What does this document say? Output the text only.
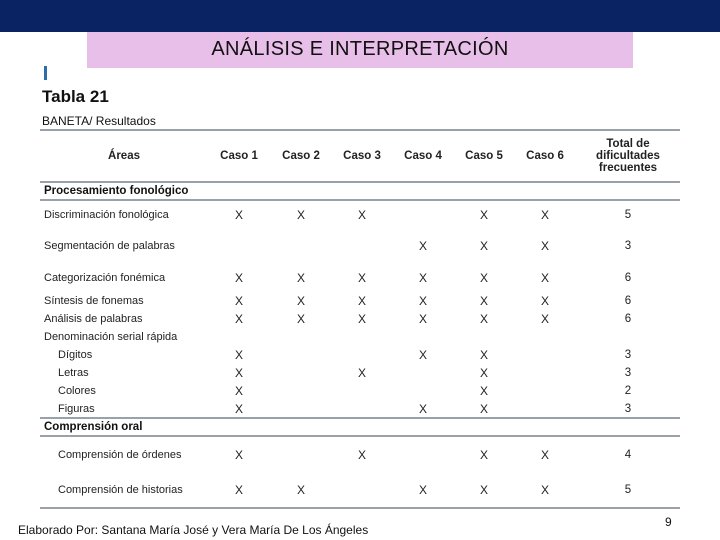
ANÁLISIS E INTERPRETACIÓN
Tabla 21
BANETA/ Resultados
Áreas	Caso 1	Caso 2	Caso 3	Caso 4	Caso 5	Caso 6	Total de dificultades frecuentes
Procesamiento fonológico							
Discriminación fonológica	X	X	X		X	X	5
Segmentación de palabras				X	X	X	3
Categorización fonémica	X	X	X	X	X	X	6
Síntesis de fonemas	X	X	X	X	X	X	6
Análisis de palabras	X	X	X	X	X	X	6
Denominación serial rápida							
Dígitos	X			X	X		3
Letras	X		X		X		3
Colores	X				X		2
Figuras	X			X	X		3
Comprensión oral							
Comprensión de órdenes	X		X		X	X	4
Comprensión de historias	X	X		X	X	X	5
Elaborado Por: Santana María José y Vera María De Los Ángeles
9
